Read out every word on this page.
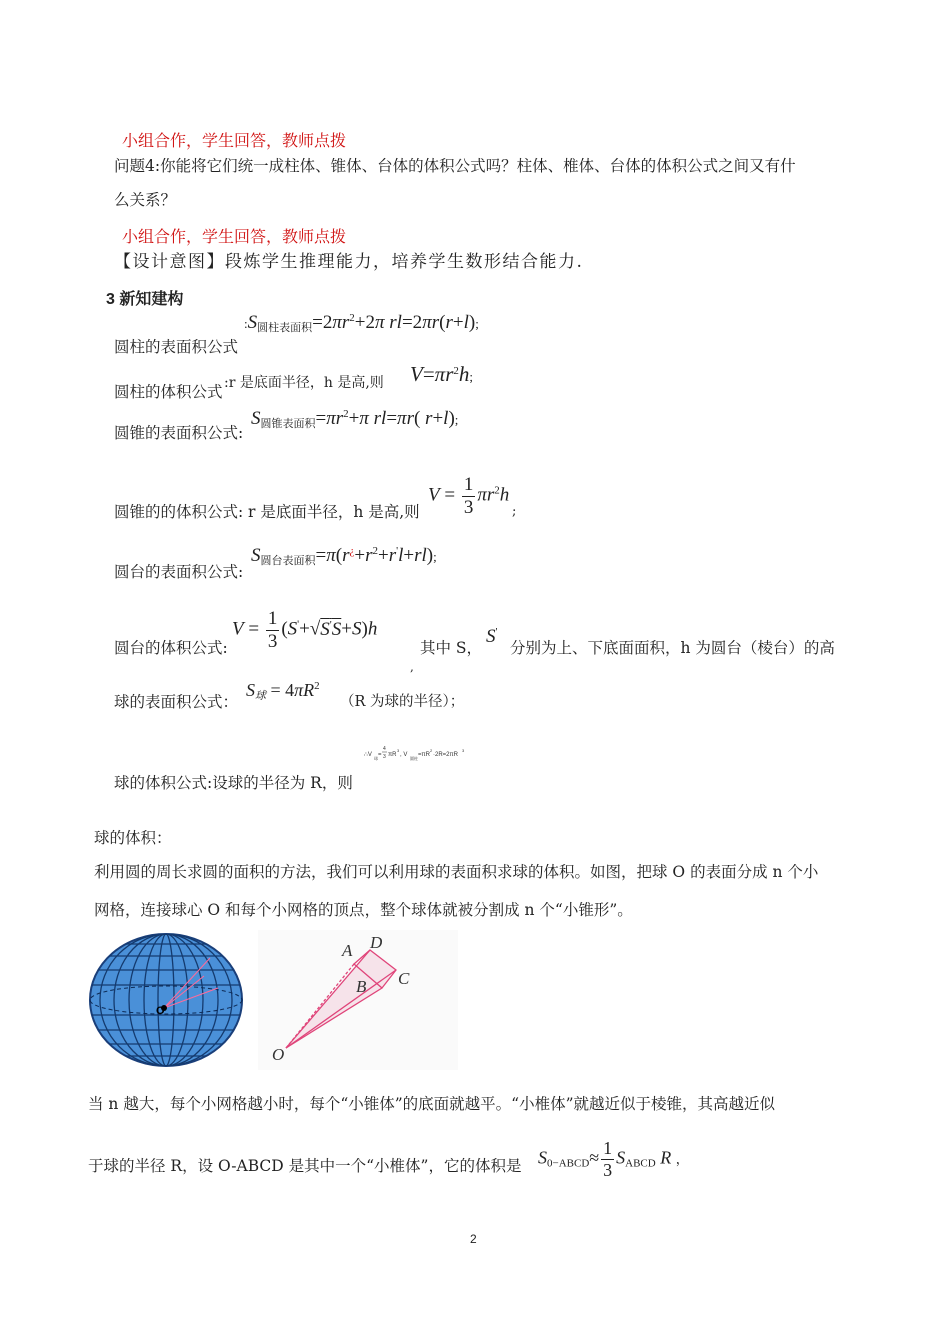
小组合作，学生回答，教师点拨
问题4:你能将它们统一成柱体、锥体、台体的体积公式吗？柱体、椎体、台体的体积公式之间又有什
么关系？
小组合作，学生回答，教师点拨
【设计意图】段炼学生推理能力，培养学生数形结合能力.
3 新知建构
圆柱的表面积公式
$:S_{圆柱表面积}=2\pi r^2+2\pi$ rl=2πr(r+l);
圆柱的体积公式 :r 是底面半径，h 是高,则 $V=\pi r^2h$;
圆锥的表面积公式:
$S_{圆锥表面积}=\pi r^2+\pi$ rl=πr( r+l);
圆锥的的体积公式: r 是底面半径，h 是高,则
$V = \frac{1}{3} \pi r^2h$
;
圆台的表面积公式:
$S_{圆台表面积}=\pi(r^¿+r^2+r'l+rl)$;
圆台的体积公式:
$V = \frac{1}{3} (S'+√S'S+S)h$
,
其中 S，
S'
分别为上、下底面面积，h 为圆台（棱台）的高
球的表面积公式：
$S_球 = 4\pi R^2$
（R 为球的半径）；
球的体积公式:设球的半径为 R，则
∴V
球
=
4
3 πR
3
, V
圆柱
=πR
2
·2R=2πR
3
球的体积：
利用圆的周长求圆的面积的方法，我们可以利用球的表面积求球的体积。如图，把球 O 的表面分成 n 个小
网格，连接球心 O 和每个小网格的顶点，整个球体就被分割成 n 个“小锥形”。
O
A D
C
B
O
当 n 越大，每个小网格越小时，每个“小锥体”的底面就越平。“小椎体”就越近似于棱锥，其高越近似
于球的半径 R，设 O-ABCD 是其中一个“小椎体”，它的体积是 $S_{0-ABCD}\approx \frac{1}{3} S_{ABCD}$ R ，
2
